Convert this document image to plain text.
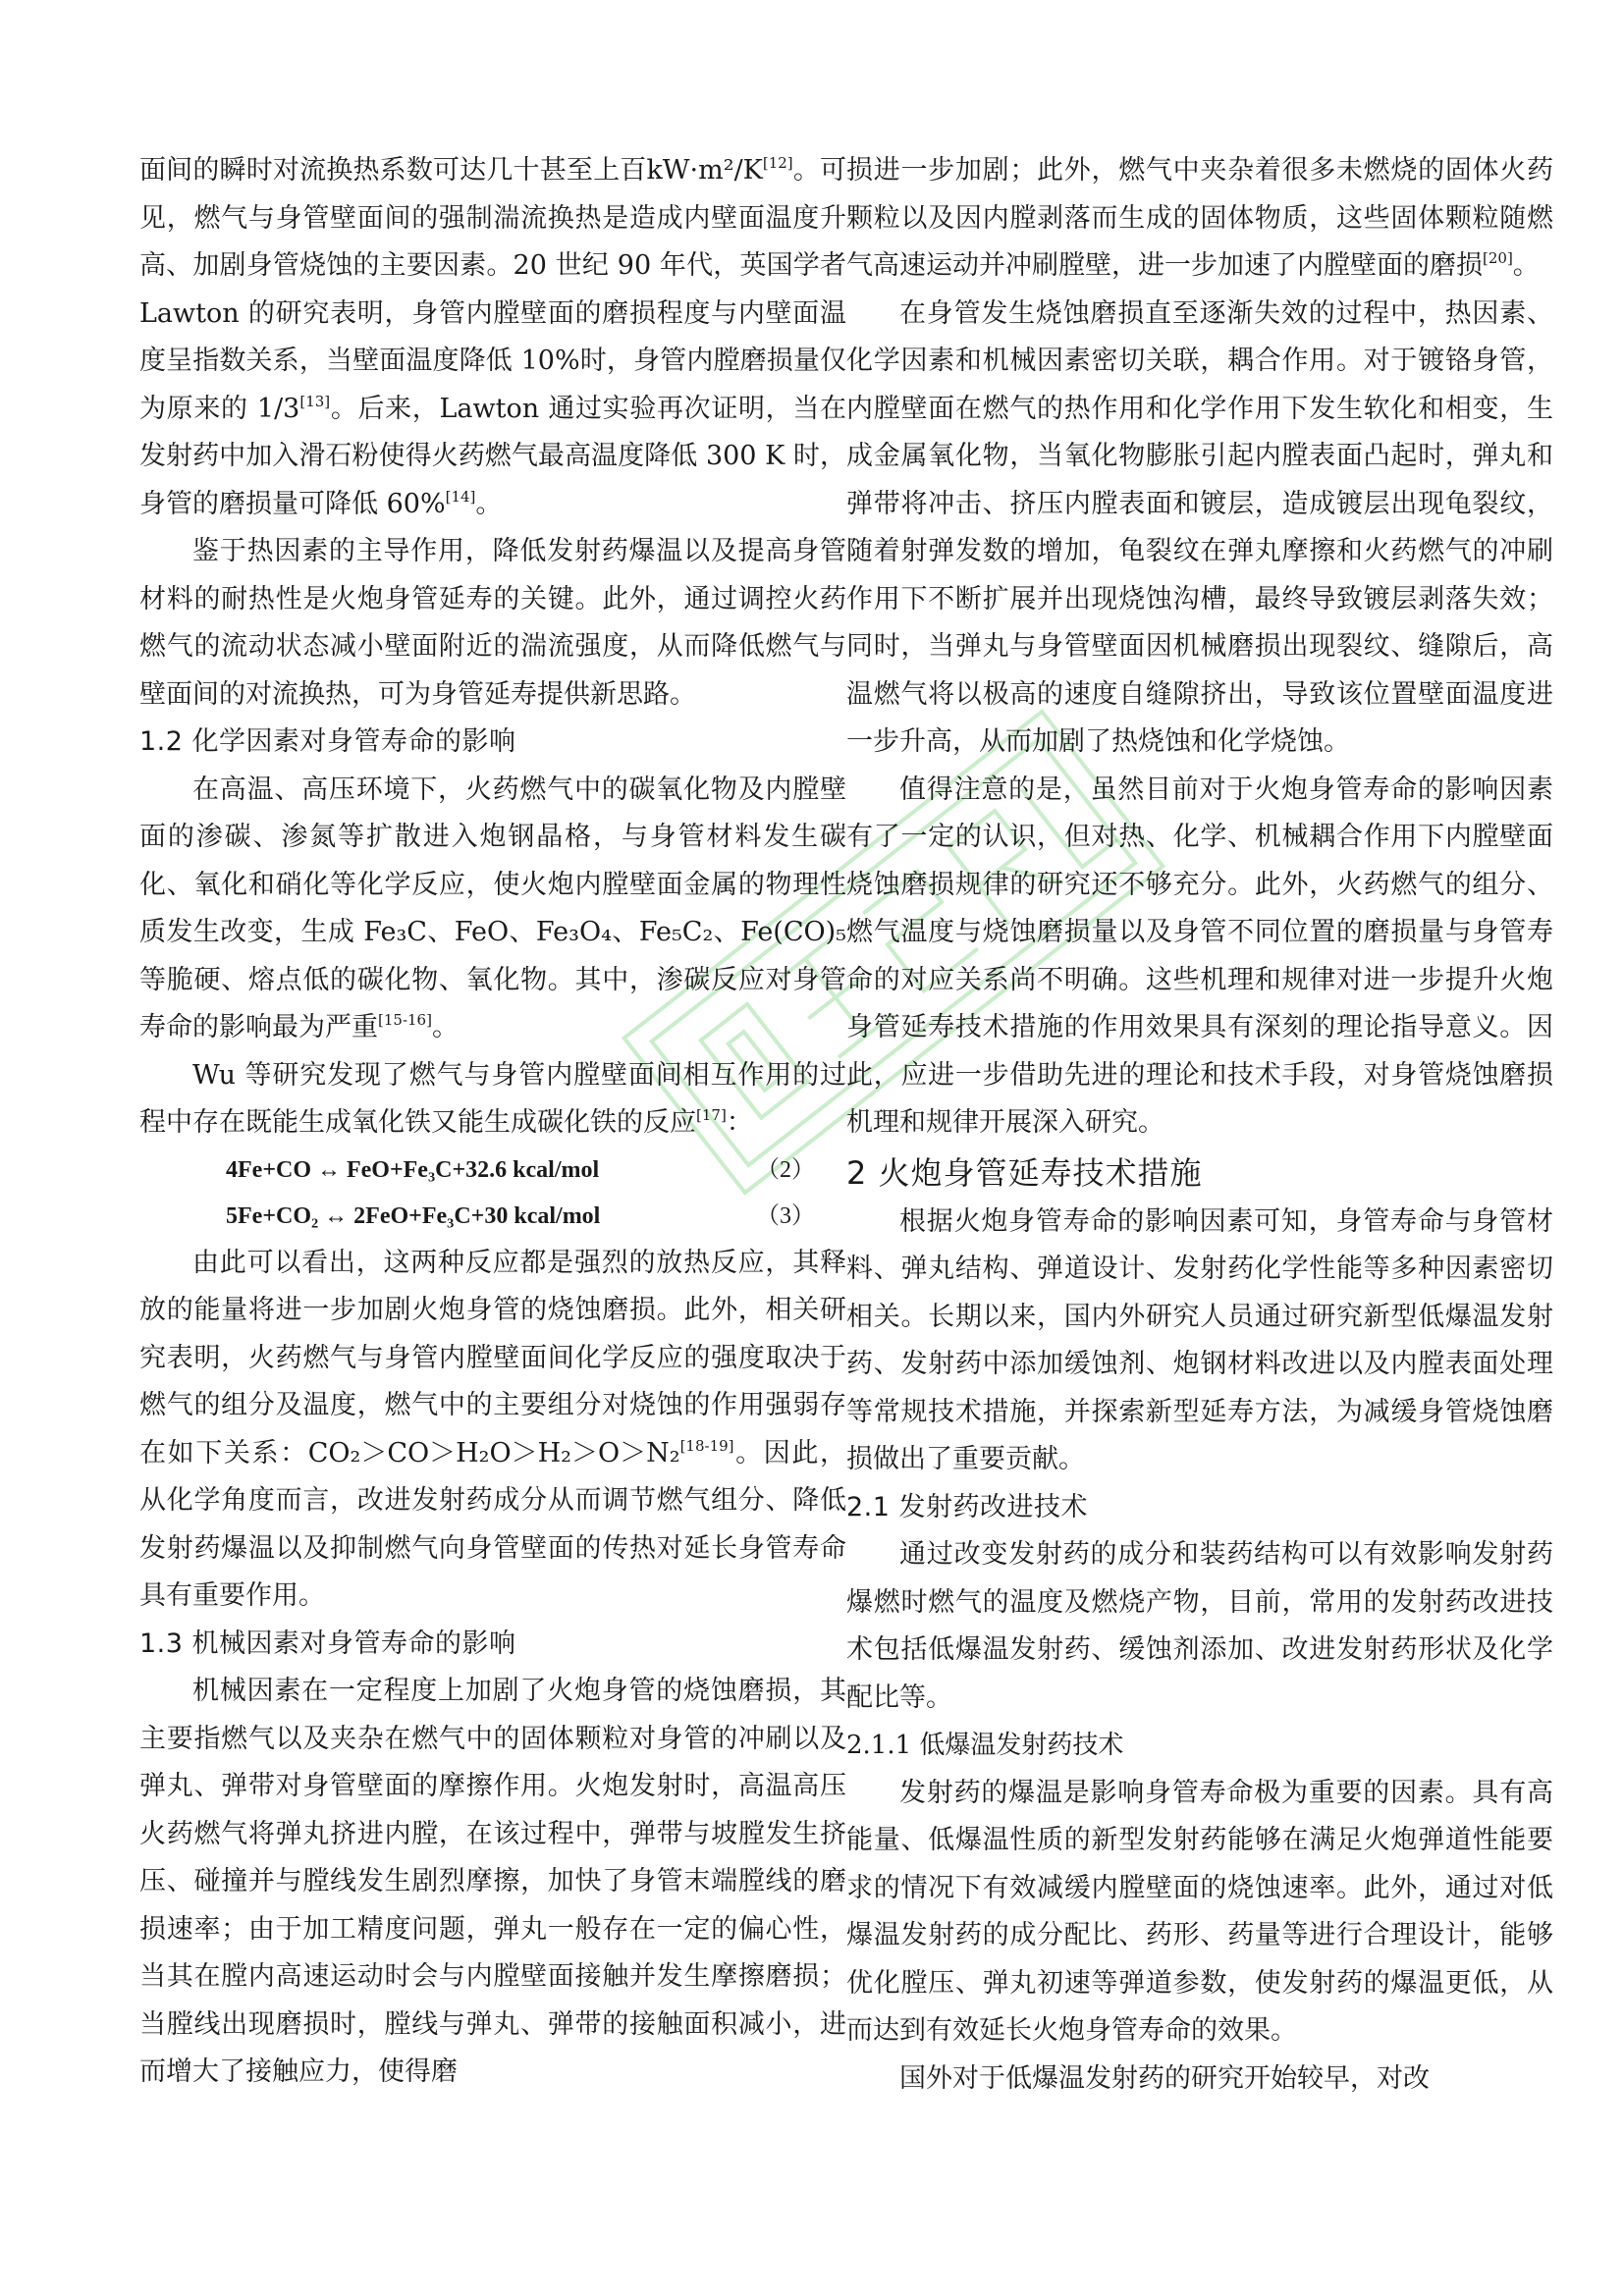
面间的瞬时对流换热系数可达几十甚至上百kW·m²/K[12]。可见，燃气与身管壁面间的强制湍流换热是造成内壁面温度升高、加剧身管烧蚀的主要因素。20 世纪 90 年代，英国学者 Lawton 的研究表明，身管内膛壁面的磨损程度与内壁面温度呈指数关系，当壁面温度降低 10%时，身管内膛磨损量仅为原来的 1/3[13]。后来，Lawton 通过实验再次证明，当在发射药中加入滑石粉使得火药燃气最高温度降低 300 K 时，身管的磨损量可降低 60%[14]。

鉴于热因素的主导作用，降低发射药爆温以及提高身管材料的耐热性是火炮身管延寿的关键。此外，通过调控火药燃气的流动状态减小壁面附近的湍流强度，从而降低燃气与壁面间的对流换热，可为身管延寿提供新思路。

1.2 化学因素对身管寿命的影响

在高温、高压环境下，火药燃气中的碳氧化物及内膛壁面的渗碳、渗氮等扩散进入炮钢晶格，与身管材料发生碳化、氧化和硝化等化学反应，使火炮内膛壁面金属的物理性质发生改变，生成 Fe₃C、FeO、Fe₃O₄、Fe₅C₂、Fe(CO)₅ 等脆硬、熔点低的碳化物、氧化物。其中，渗碳反应对身管寿命的影响最为严重[15-16]。

Wu 等研究发现了燃气与身管内膛壁面间相互作用的过程中存在既能生成氧化铁又能生成碳化铁的反应[17]：

4Fe+CO ↔ FeO+Fe₃C+32.6 kcal/mol	（2）
5Fe+CO₂ ↔ 2FeO+Fe₃C+30 kcal/mol	（3）

由此可以看出，这两种反应都是强烈的放热反应，其释放的能量将进一步加剧火炮身管的烧蚀磨损。此外，相关研究表明，火药燃气与身管内膛壁面间化学反应的强度取决于燃气的组分及温度，燃气中的主要组分对烧蚀的作用强弱存在如下关系：CO₂＞CO＞H₂O＞H₂＞O＞N₂[18-19]。因此，从化学角度而言，改进发射药成分从而调节燃气组分、降低发射药爆温以及抑制燃气向身管壁面的传热对延长身管寿命具有重要作用。

1.3 机械因素对身管寿命的影响

机械因素在一定程度上加剧了火炮身管的烧蚀磨损，其主要指燃气以及夹杂在燃气中的固体颗粒对身管的冲刷以及弹丸、弹带对身管壁面的摩擦作用。火炮发射时，高温高压火药燃气将弹丸挤进内膛，在该过程中，弹带与坡膛发生挤压、碰撞并与膛线发生剧烈摩擦，加快了身管末端膛线的磨损速率；由于加工精度问题，弹丸一般存在一定的偏心性，当其在膛内高速运动时会与内膛壁面接触并发生摩擦磨损；当膛线出现磨损时，膛线与弹丸、弹带的接触面积减小，进而增大了接触应力，使得磨

损进一步加剧；此外，燃气中夹杂着很多未燃烧的固体火药颗粒以及因内膛剥落而生成的固体物质，这些固体颗粒随燃气高速运动并冲刷膛壁，进一步加速了内膛壁面的磨损[20]。

在身管发生烧蚀磨损直至逐渐失效的过程中，热因素、化学因素和机械因素密切关联，耦合作用。对于镀铬身管，内膛壁面在燃气的热作用和化学作用下发生软化和相变，生成金属氧化物，当氧化物膨胀引起内膛表面凸起时，弹丸和弹带将冲击、挤压内膛表面和镀层，造成镀层出现龟裂纹，随着射弹发数的增加，龟裂纹在弹丸摩擦和火药燃气的冲刷作用下不断扩展并出现烧蚀沟槽，最终导致镀层剥落失效；同时，当弹丸与身管壁面因机械磨损出现裂纹、缝隙后，高温燃气将以极高的速度自缝隙挤出，导致该位置壁面温度进一步升高，从而加剧了热烧蚀和化学烧蚀。

值得注意的是，虽然目前对于火炮身管寿命的影响因素有了一定的认识，但对热、化学、机械耦合作用下内膛壁面烧蚀磨损规律的研究还不够充分。此外，火药燃气的组分、燃气温度与烧蚀磨损量以及身管不同位置的磨损量与身管寿命的对应关系尚不明确。这些机理和规律对进一步提升火炮身管延寿技术措施的作用效果具有深刻的理论指导意义。因此，应进一步借助先进的理论和技术手段，对身管烧蚀磨损机理和规律开展深入研究。

2 火炮身管延寿技术措施

根据火炮身管寿命的影响因素可知，身管寿命与身管材料、弹丸结构、弹道设计、发射药化学性能等多种因素密切相关。长期以来，国内外研究人员通过研究新型低爆温发射药、发射药中添加缓蚀剂、炮钢材料改进以及内膛表面处理等常规技术措施，并探索新型延寿方法，为减缓身管烧蚀磨损做出了重要贡献。

2.1 发射药改进技术

通过改变发射药的成分和装药结构可以有效影响发射药爆燃时燃气的温度及燃烧产物，目前，常用的发射药改进技术包括低爆温发射药、缓蚀剂添加、改进发射药形状及化学配比等。

2.1.1 低爆温发射药技术

发射药的爆温是影响身管寿命极为重要的因素。具有高能量、低爆温性质的新型发射药能够在满足火炮弹道性能要求的情况下有效减缓内膛壁面的烧蚀速率。此外，通过对低爆温发射药的成分配比、药形、药量等进行合理设计，能够优化膛压、弹丸初速等弹道参数，使发射药的爆温更低，从而达到有效延长火炮身管寿命的效果。

国外对于低爆温发射药的研究开始较早，对改
